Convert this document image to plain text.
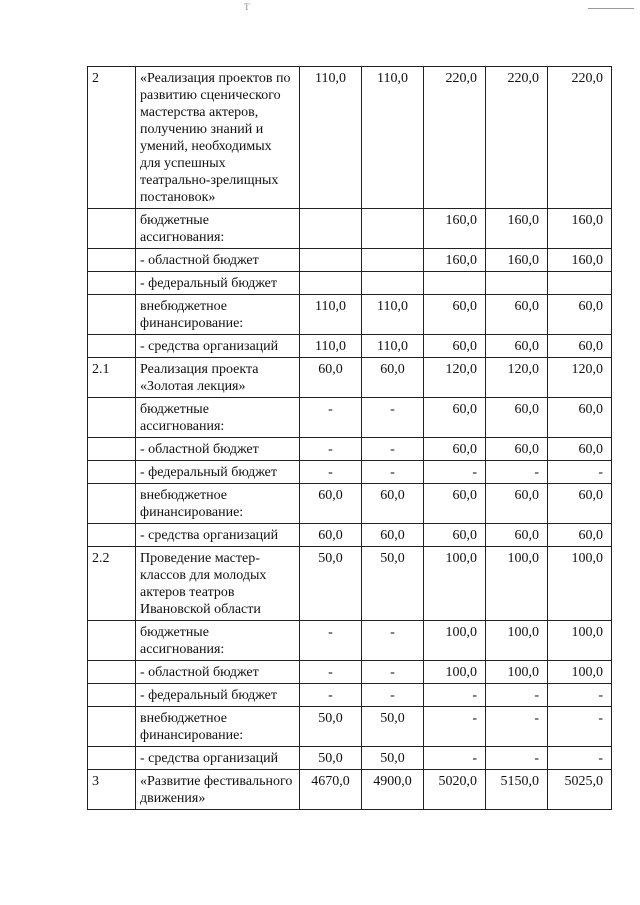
Т
2	«Реализация проектов по развитию сценического мастерства актеров, получению знаний и умений, необходимых для успешных театрально-зрелищных постановок»	110,0	110,0	220,0	220,0	220,0
	бюджетные ассигнования:			160,0	160,0	160,0
	- областной бюджет			160,0	160,0	160,0
	- федеральный бюджет					
	внебюджетное финансирование:	110,0	110,0	60,0	60,0	60,0
	- средства организаций	110,0	110,0	60,0	60,0	60,0
2.1	Реализация проекта «Золотая лекция»	60,0	60,0	120,0	120,0	120,0
	бюджетные ассигнования:	-	-	60,0	60,0	60,0
	- областной бюджет	-	-	60,0	60,0	60,0
	- федеральный бюджет	-	-	-	-	-
	внебюджетное финансирование:	60,0	60,0	60,0	60,0	60,0
	- средства организаций	60,0	60,0	60,0	60,0	60,0
2.2	Проведение мастер-классов для молодых актеров театров Ивановской области	50,0	50,0	100,0	100,0	100,0
	бюджетные ассигнования:	-	-	100,0	100,0	100,0
	- областной бюджет	-	-	100,0	100,0	100,0
	- федеральный бюджет	-	-	-	-	-
	внебюджетное финансирование:	50,0	50,0	-	-	-
	- средства организаций	50,0	50,0	-	-	-
3	«Развитие фестивального движения»	4670,0	4900,0	5020,0	5150,0	5025,0
